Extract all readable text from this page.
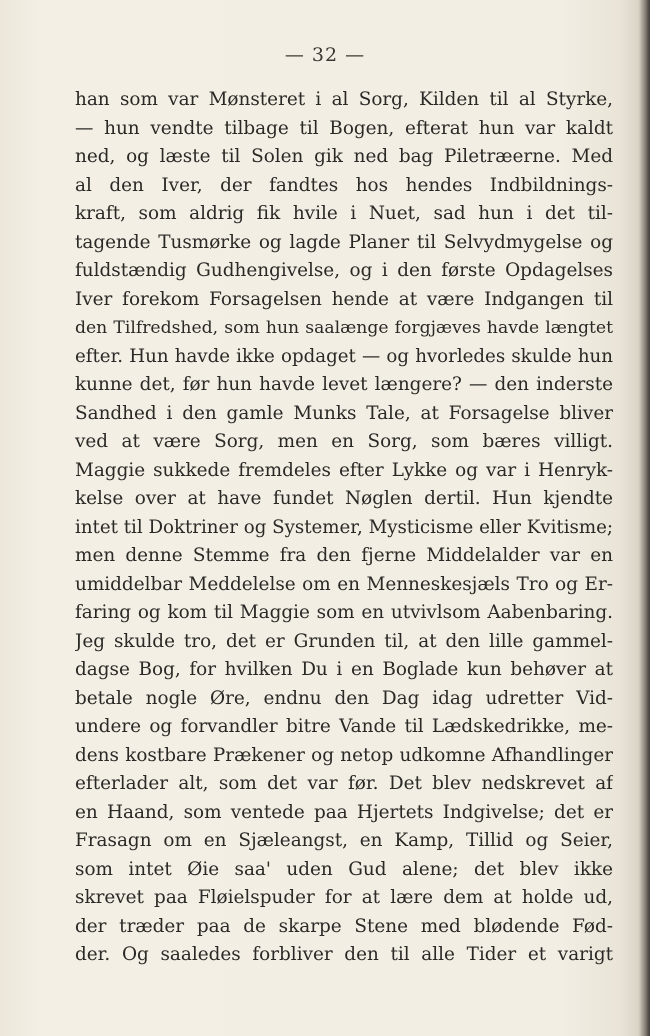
— 32 —
han som var Mønsteret i al Sorg, Kilden til al Styrke,
— hun vendte tilbage til Bogen, efterat hun var kaldt
ned, og læste til Solen gik ned bag Piletræerne. Med
al den Iver, der fandtes hos hendes Indbildnings-
kraft, som aldrig fik hvile i Nuet, sad hun i det til-
tagende Tusmørke og lagde Planer til Selvydmygelse og
fuldstændig Gudhengivelse, og i den første Opdagelses
Iver forekom Forsagelsen hende at være Indgangen til
den Tilfredshed, som hun saalænge forgjæves havde længtet
efter. Hun havde ikke opdaget — og hvorledes skulde hun
kunne det, før hun havde levet længere? — den inderste
Sandhed i den gamle Munks Tale, at Forsagelse bliver
ved at være Sorg, men en Sorg, som bæres villigt.
Maggie sukkede fremdeles efter Lykke og var i Henryk-
kelse over at have fundet Nøglen dertil. Hun kjendte
intet til Doktriner og Systemer, Mysticisme eller Kvitisme;
men denne Stemme fra den fjerne Middelalder var en
umiddelbar Meddelelse om en Menneskesjæls Tro og Er-
faring og kom til Maggie som en utvivlsom Aabenbaring.
Jeg skulde tro, det er Grunden til, at den lille gammel-
dagse Bog, for hvilken Du i en Boglade kun behøver at
betale nogle Øre, endnu den Dag idag udretter Vid-
undere og forvandler bitre Vande til Lædskedrikke, me-
dens kostbare Prækener og netop udkomne Afhandlinger
efterlader alt, som det var før. Det blev nedskrevet af
en Haand, som ventede paa Hjertets Indgivelse; det er
Frasagn om en Sjæleangst, en Kamp, Tillid og Seier,
som intet Øie saa' uden Gud alene; det blev ikke
skrevet paa Fløielspuder for at lære dem at holde ud,
der træder paa de skarpe Stene med blødende Fød-
der. Og saaledes forbliver den til alle Tider et varigt
